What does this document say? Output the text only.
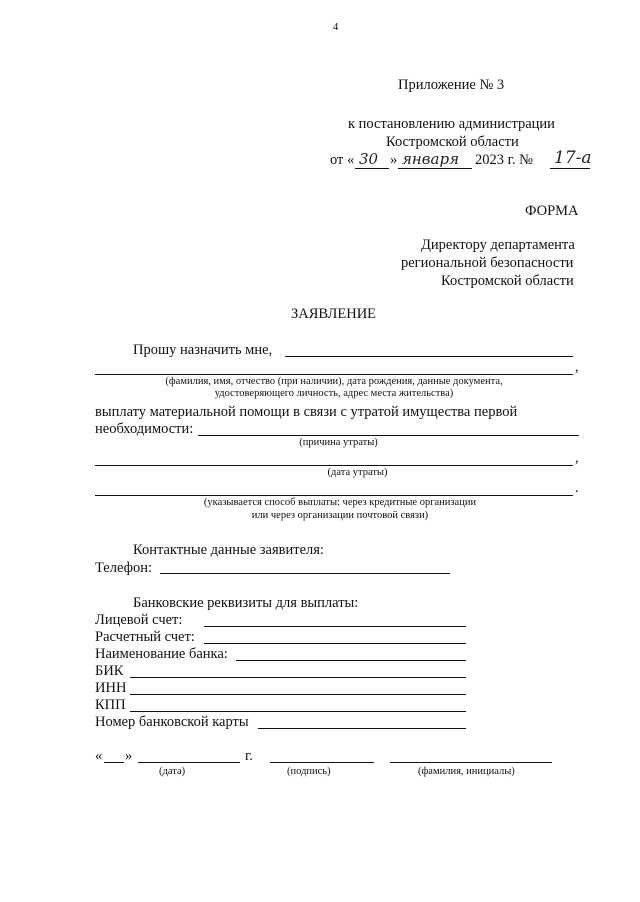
4
Приложение № 3
к постановлению администрации
Костромской области
от « 30 » января 2023 г. № 17-а
ФОРМА
Директору департамента
региональной безопасности
Костромской области
ЗАЯВЛЕНИЕ
Прошу назначить мне,
,
(фамилия, имя, отчество (при наличии), дата рождения, данные документа,
удостоверяющего личность, адрес места жительства)
выплату материальной помощи в связи с утратой имущества первой
необходимости:
(причина утраты)
,
(дата утраты)
.
(указывается способ выплаты: через кредитные организации
или через организации почтовой связи)
Контактные данные заявителя:
Телефон:
Банковские реквизиты для выплаты:
Лицевой счет:
Расчетный счет:
Наименование банка:
БИК
ИНН
КПП
Номер банковской карты
« »	г.
(дата)	(подпись)	(фамилия, инициалы)
